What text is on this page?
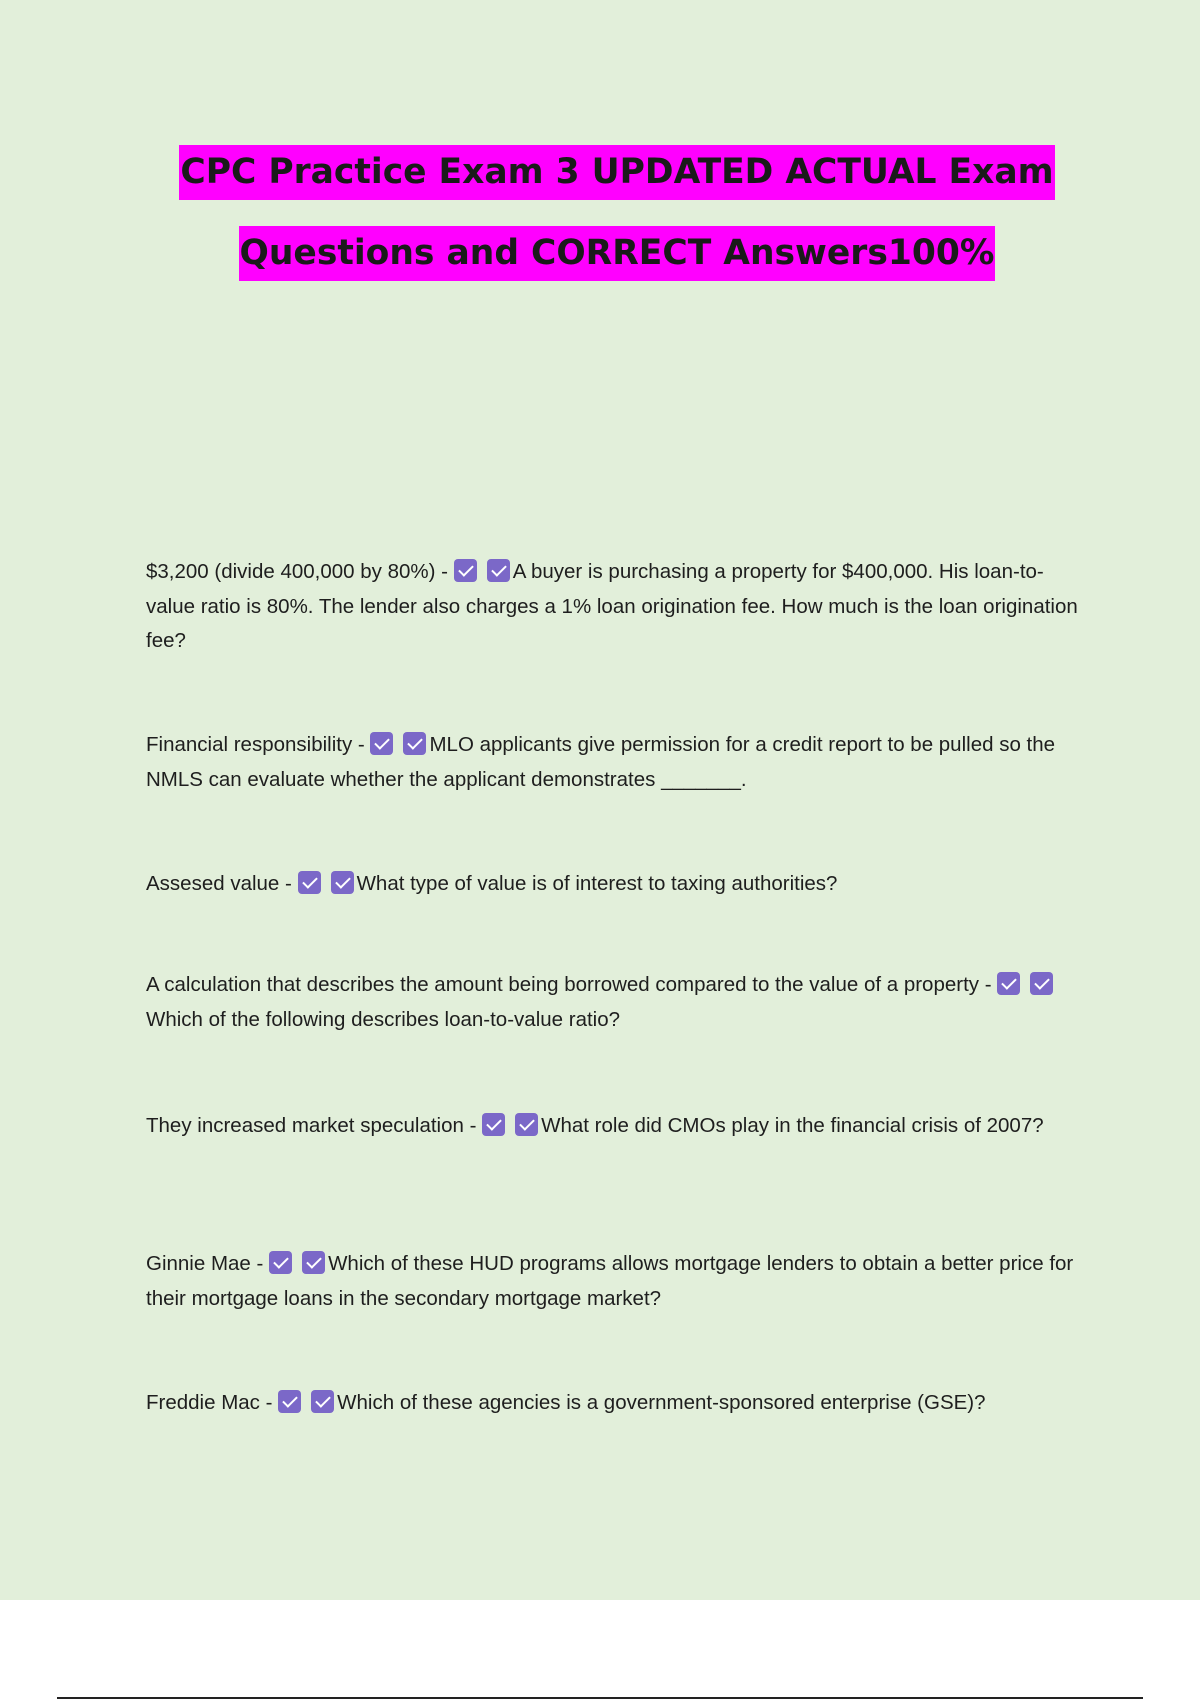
CPC Practice Exam 3 UPDATED ACTUAL Exam
Questions and CORRECT Answers100%
$3,200 (divide 400,000 by 80%) -	A buyer is purchasing a property for $400,000. His loan-to-value ratio is 80%. The lender also charges a 1% loan origination fee. How much is the loan origination fee?
Financial responsibility -	MLO applicants give permission for a credit report to be pulled so the NMLS can evaluate whether the applicant demonstrates _______.
Assesed value -	What type of value is of interest to taxing authorities?
A calculation that describes the amount being borrowed compared to the value of a property - Which of the following describes loan-to-value ratio?
They increased market speculation -	What role did CMOs play in the financial crisis of 2007?
Ginnie Mae -	Which of these HUD programs allows mortgage lenders to obtain a better price for their mortgage loans in the secondary mortgage market?
Freddie Mac -	Which of these agencies is a government-sponsored enterprise (GSE)?
